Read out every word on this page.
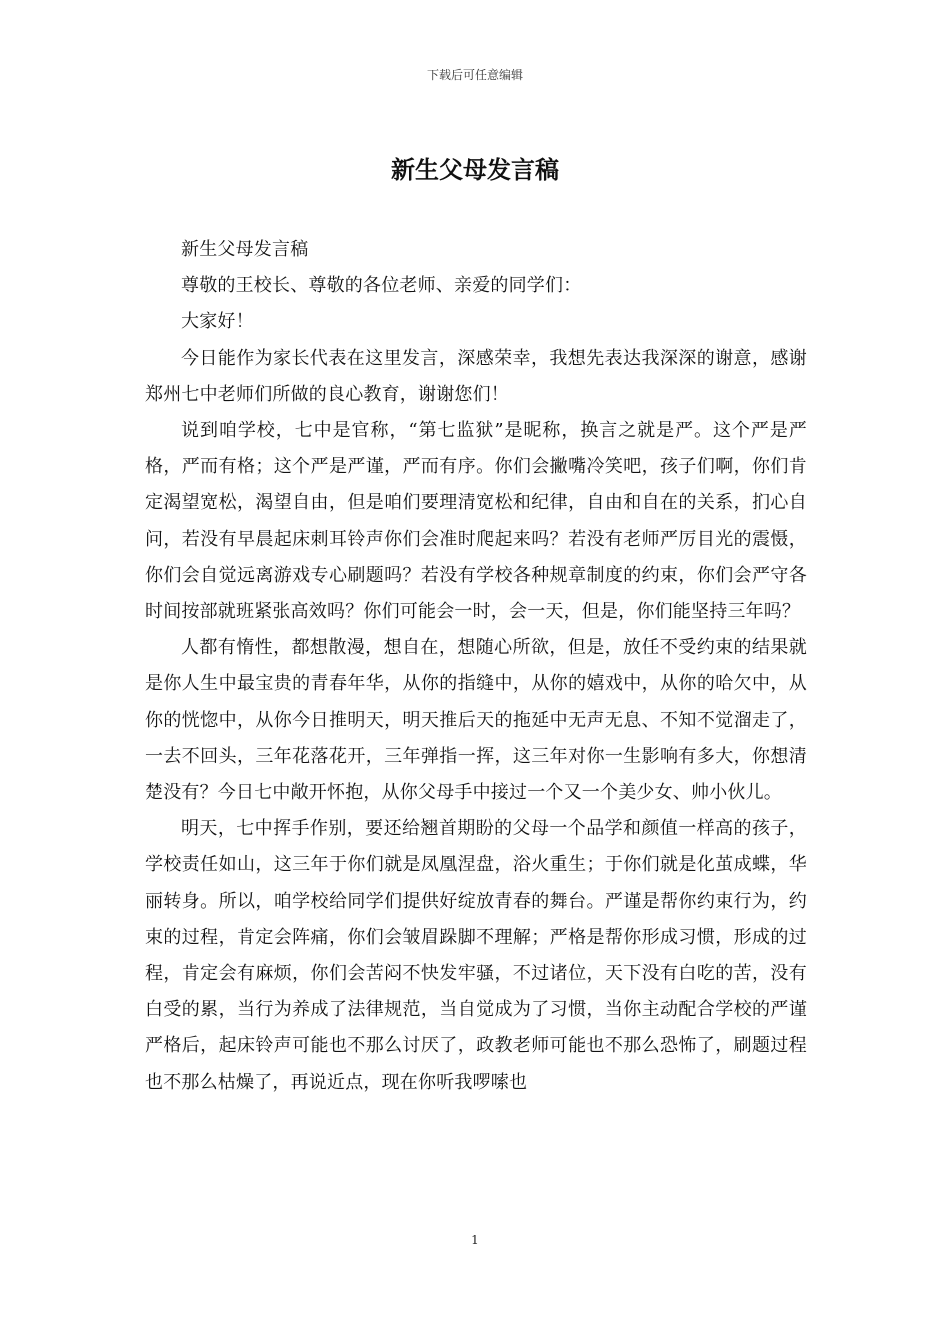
下载后可任意编辑
新生父母发言稿

新生父母发言稿

尊敬的王校长、尊敬的各位老师、亲爱的同学们：

大家好！

今日能作为家长代表在这里发言，深感荣幸，我想先表达我深深的谢意，感谢郑州七中老师们所做的良心教育，谢谢您们！

说到咱学校，七中是官称，“第七监狱”是昵称，换言之就是严。这个严是严格，严而有格；这个严是严谨，严而有序。你们会撇嘴冷笑吧，孩子们啊，你们肯定渴望宽松，渴望自由，但是咱们要理清宽松和纪律，自由和自在的关系，扪心自问，若没有早晨起床刺耳铃声你们会准时爬起来吗？若没有老师严厉目光的震慑，你们会自觉远离游戏专心刷题吗？若没有学校各种规章制度的约束，你们会严守各时间按部就班紧张高效吗？你们可能会一时，会一天，但是，你们能坚持三年吗？

人都有惰性，都想散漫，想自在，想随心所欲，但是，放任不受约束的结果就是你人生中最宝贵的青春年华，从你的指缝中，从你的嬉戏中，从你的哈欠中，从你的恍惚中，从你今日推明天，明天推后天的拖延中无声无息、不知不觉溜走了，一去不回头，三年花落花开，三年弹指一挥，这三年对你一生影响有多大，你想清楚没有？今日七中敞开怀抱，从你父母手中接过一个又一个美少女、帅小伙儿。

明天，七中挥手作别，要还给翘首期盼的父母一个品学和颜值一样高的孩子，学校责任如山，这三年于你们就是凤凰涅盘，浴火重生；于你们就是化茧成蝶，华丽转身。所以，咱学校给同学们提供好绽放青春的舞台。严谨是帮你约束行为，约束的过程，肯定会阵痛，你们会皱眉跺脚不理解；严格是帮你形成习惯，形成的过程，肯定会有麻烦，你们会苦闷不快发牢骚，不过诸位，天下没有白吃的苦，没有白受的累，当行为养成了法律规范，当自觉成为了习惯，当你主动配合学校的严谨严格后，起床铃声可能也不那么讨厌了，政教老师可能也不那么恐怖了，刷题过程也不那么枯燥了，再说近点，现在你听我啰嗦也

1
